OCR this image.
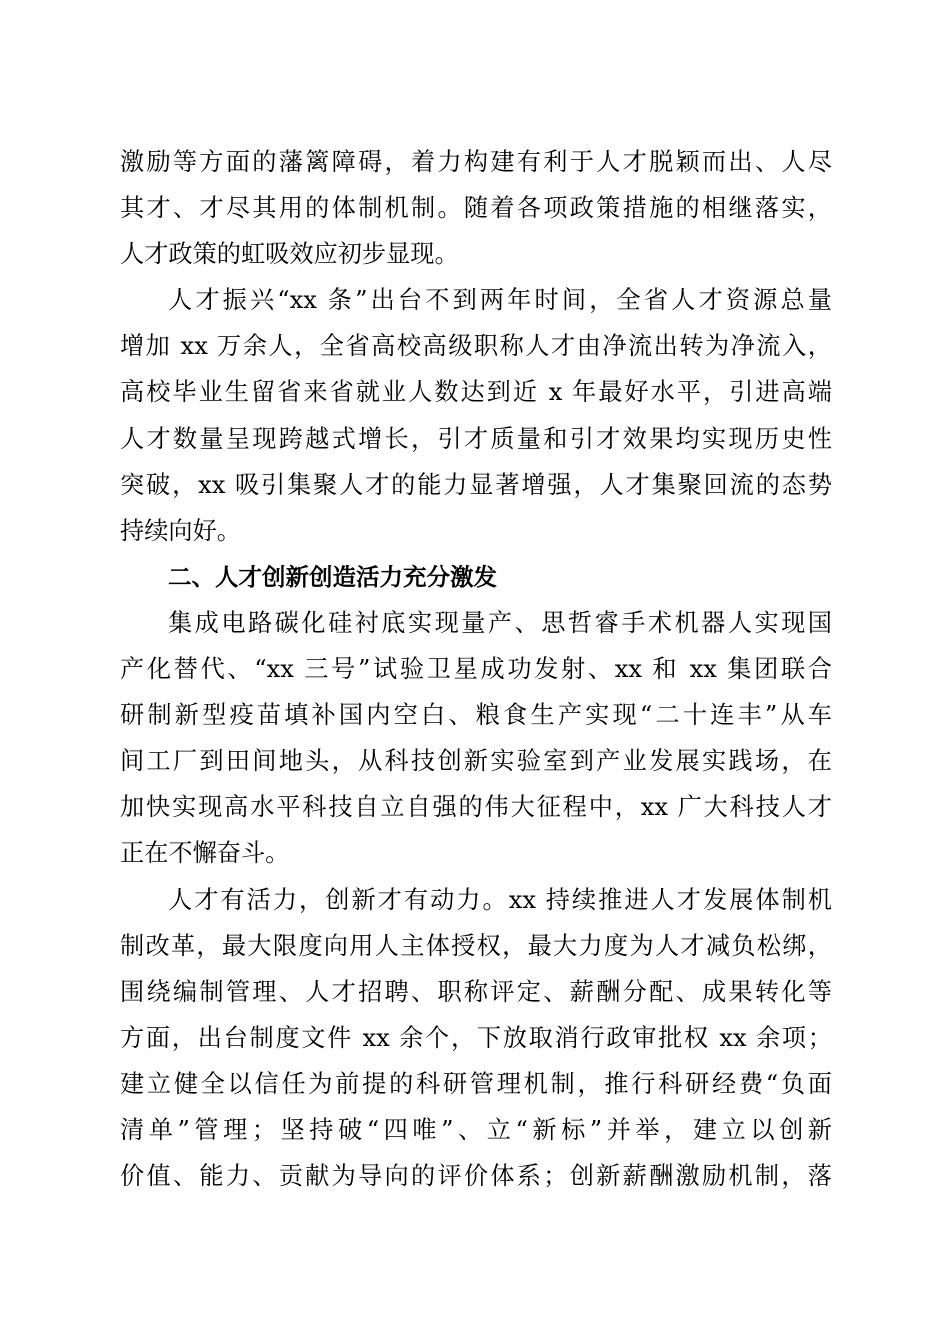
激励等方面的藩篱障碍，着力构建有利于人才脱颖而出、人尽
其才、才尽其用的体制机制。随着各项政策措施的相继落实，
人才政策的虹吸效应初步显现。
人才振兴“xx 条”出台不到两年时间，全省人才资源总量
增加 xx 万余人，全省高校高级职称人才由净流出转为净流入，
高校毕业生留省来省就业人数达到近 x 年最好水平，引进高端
人才数量呈现跨越式增长，引才质量和引才效果均实现历史性
突破，xx 吸引集聚人才的能力显著增强，人才集聚回流的态势
持续向好。
二、人才创新创造活力充分激发
集成电路碳化硅衬底实现量产、思哲睿手术机器人实现国
产化替代、“xx 三号”试验卫星成功发射、xx 和 xx 集团联合
研制新型疫苗填补国内空白、粮食生产实现“二十连丰”从车
间工厂到田间地头，从科技创新实验室到产业发展实践场，在
加快实现高水平科技自立自强的伟大征程中，xx 广大科技人才
正在不懈奋斗。
人才有活力，创新才有动力。xx 持续推进人才发展体制机
制改革，最大限度向用人主体授权，最大力度为人才减负松绑，
围绕编制管理、人才招聘、职称评定、薪酬分配、成果转化等
方面，出台制度文件 xx 余个，下放取消行政审批权 xx 余项；
建立健全以信任为前提的科研管理机制，推行科研经费“负面
清单”管理；坚持破“四唯”、立“新标”并举，建立以创新
价值、能力、贡献为导向的评价体系；创新薪酬激励机制，落
